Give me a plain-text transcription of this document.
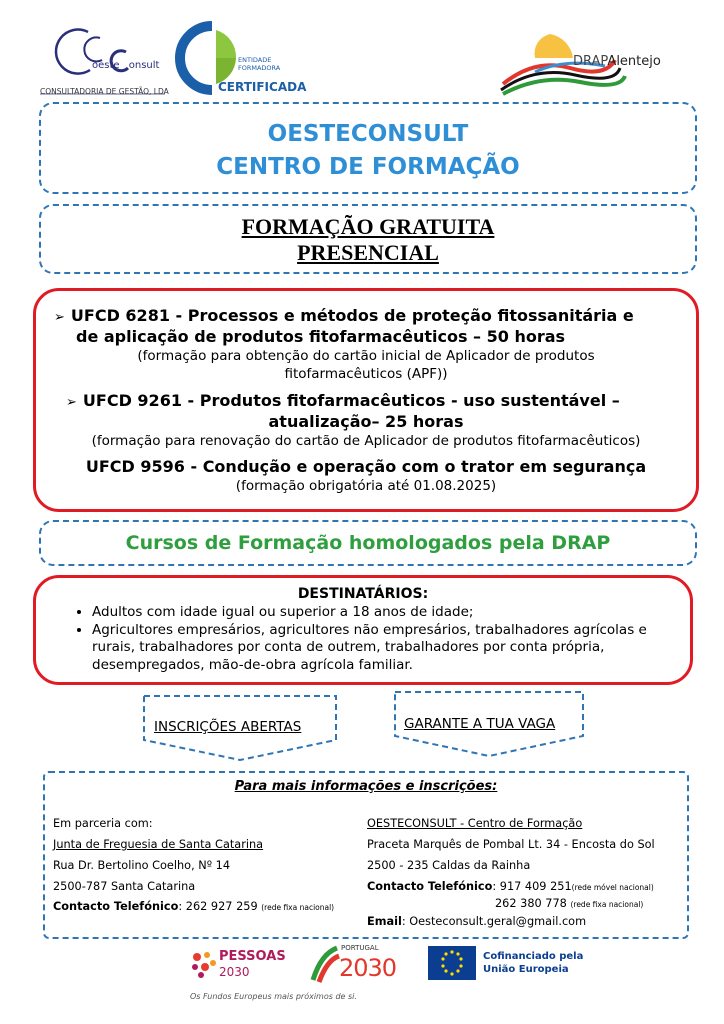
oeste onsult
CONSULTADORIA DE GESTÃO, LDA
DGERT	ENTIDADE
FORMADORA
CERTIFICADA
DRAPAlentejo
OESTECONSULT
CENTRO DE FORMAÇÃO
FORMAÇÃO GRATUITA
PRESENCIAL
➢ UFCD 6281 - Processos e métodos de proteção fitossanitária e
de aplicação de produtos fitofarmacêuticos – 50 horas
(formação para obtenção do cartão inicial de Aplicador de produtos
fitofarmacêuticos (APF))
➢ UFCD 9261 - Produtos fitofarmacêuticos - uso sustentável –
atualização– 25 horas
(formação para renovação do cartão de Aplicador de produtos fitofarmacêuticos)
UFCD 9596 - Condução e operação com o trator em segurança
(formação obrigatória até 01.08.2025)
Cursos de Formação homologados pela DRAP
DESTINATÁRIOS:
• Adultos com idade igual ou superior a 18 anos de idade;
• Agricultores empresários, agricultores não empresários, trabalhadores agrícolas e rurais, trabalhadores por conta de outrem, trabalhadores por conta própria, desempregados, mão-de-obra agrícola familiar.
INSCRIÇÕES ABERTAS	GARANTE A TUA VAGA
Para mais informações e inscrições:
Em parceria com:
Junta de Freguesia de Santa Catarina
Rua Dr. Bertolino Coelho, Nº 14
2500-787 Santa Catarina
Contacto Telefónico: 262 927 259 (rede fixa nacional)
OESTECONSULT - Centro de Formação
Praceta Marquês de Pombal Lt. 34 - Encosta do Sol
2500 - 235 Caldas da Rainha
Contacto Telefónico: 917 409 251(rede móvel nacional)
262 380 778 (rede fixa nacional)
Email: Oesteconsult.geral@gmail.com
PESSOAS
2030
PORTUGAL
2030	Cofinanciado pela
União Europeia
Os Fundos Europeus mais próximos de si.
